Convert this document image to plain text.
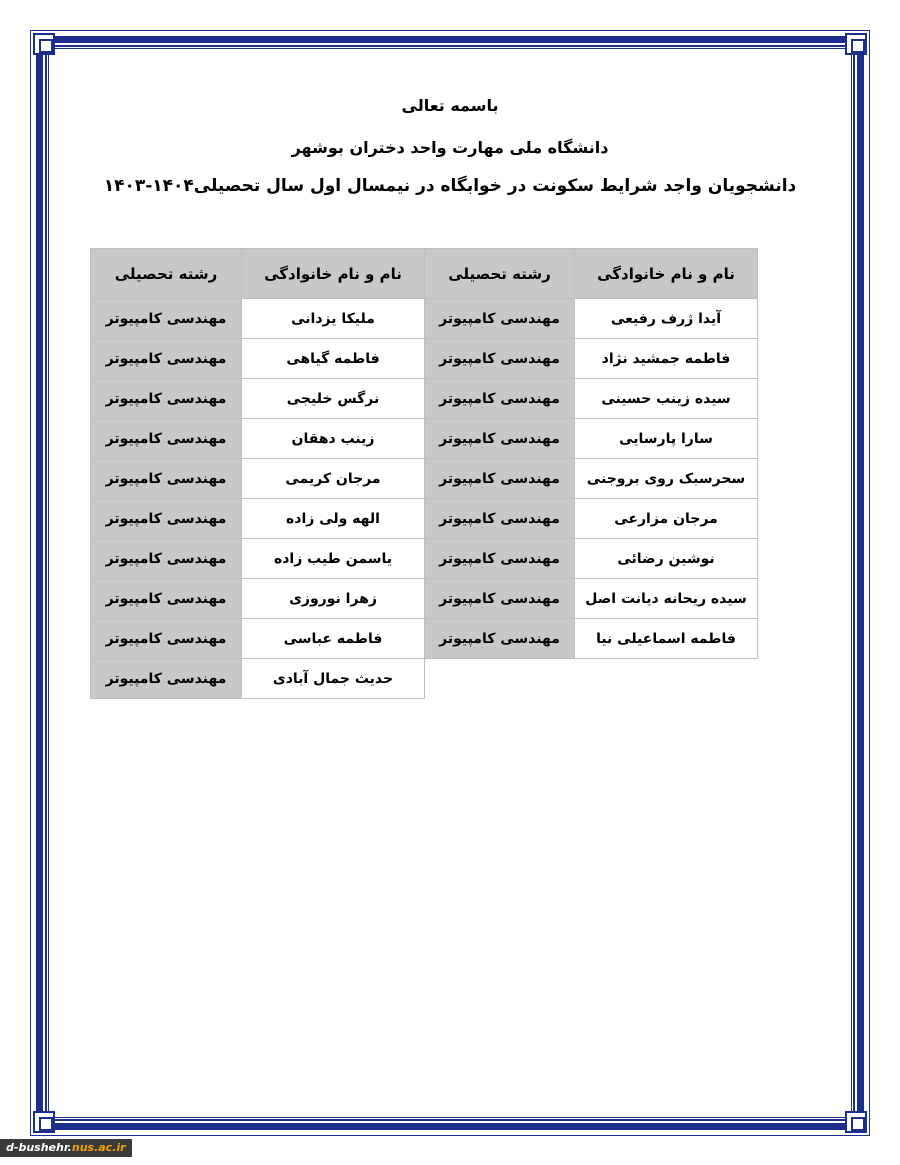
باسمه تعالی
دانشگاه ملی مهارت واحد دختران بوشهر
دانشجویان واجد شرایط سکونت در خوابگاه در نیمسال اول سال تحصیلی۱۴۰۴-۱۴۰۳
نام و نام خانوادگی	رشته تحصیلی	نام و نام خانوادگی	رشته تحصیلی
آیدا ژرف رفیعی	مهندسی کامپیوتر	ملیکا یزدانی	مهندسی کامپیوتر
فاطمه جمشید نژاد	مهندسی کامپیوتر	فاطمه گیاهی	مهندسی کامپیوتر
سیده زینب حسینی	مهندسی کامپیوتر	نرگس خلیجی	مهندسی کامپیوتر
سارا پارسایی	مهندسی کامپیوتر	زینب دهقان	مهندسی کامپیوتر
سحرسبک روی بروجنی	مهندسی کامپیوتر	مرجان کریمی	مهندسی کامپیوتر
مرجان مزارعی	مهندسی کامپیوتر	الهه ولی زاده	مهندسی کامپیوتر
نوشین رضائی	مهندسی کامپیوتر	یاسمن طیب زاده	مهندسی کامپیوتر
سیده ریحانه دیانت اصل	مهندسی کامپیوتر	زهرا نوروزی	مهندسی کامپیوتر
فاطمه اسماعیلی نیا	مهندسی کامپیوتر	فاطمه عباسی	مهندسی کامپیوتر
		حدیث جمال آبادی	مهندسی کامپیوتر
d-bushehr.nus.ac.ir
